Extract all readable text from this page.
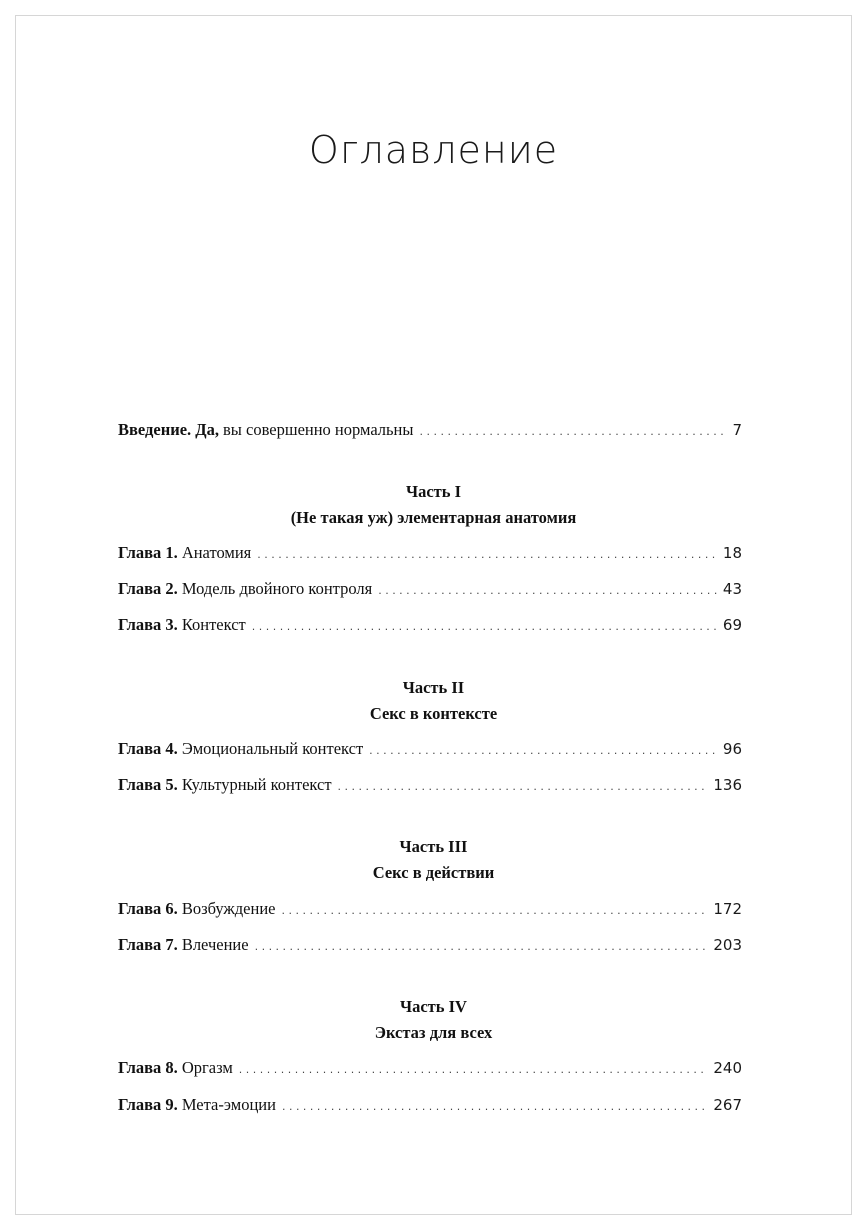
Оглавление
Введение. Да, вы совершенно нормальны . . .	7
Часть I
(Не такая уж) элементарная анатомия
Глава 1. Анатомия . . .	18
Глава 2. Модель двойного контроля . . .	43
Глава 3. Контекст . . .	69
Часть II
Секс в контексте
Глава 4. Эмоциональный контекст . . .	96
Глава 5. Культурный контекст . . .	136
Часть III
Секс в действии
Глава 6. Возбуждение . . .	172
Глава 7. Влечение . . .	203
Часть IV
Экстаз для всех
Глава 8. Оргазм . . .	240
Глава 9. Мета-эмоции . . .	267
